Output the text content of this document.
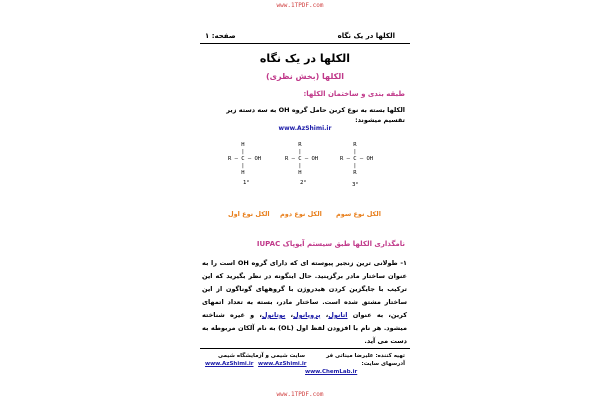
www.1TPDF.com
صفحه: ۱	الکلها در یک نگاه
الکلها در یک نگاه
الکلها (بخش نظری)
طبقه بندی و ساختمان الکلها:
الکلها بسته به نوع کربن حامل گروه OH به سه دسته زیر تقسیم میشوند:
www.AzShimi.ir
H
|
R — C — OH
|
H
R
|
R — C — OH
|
H
R
|
R — C — OH
|
R
1°	2°	3°
الکل نوع اول الکل نوع دوم الکل نوع سوم
نامگذاری الکلها طبق سیستم آیوپاک IUPAC
۱- طولانی ترین زنجیر پیوسته ای که دارای گروه OH است را به عنوان ساختار مادر برگزینید. حال اینگونه در نظر بگیرید که این ترکیب با جایگزین کردن هیدروژن با گروههای گوناگون از این ساختار مشتق شده است. ساختار مادر، بسته به تعداد اتمهای کربن، به عنوان اتانول، پروپانول، بوتانول، و غیره شناخته میشود. هر نام با افزودن لفظ اول (OL) به نام آلکان مربوطه به دست می آید.
تهیه کننده: علیرضا میناتی فر
آدرسهای سایت:
www.ChemLab.ir
سایت شیمی و آزمایشگاه شیمی
www.AzShimi.ir www.AzShimi.ir
www.1TPDF.com
